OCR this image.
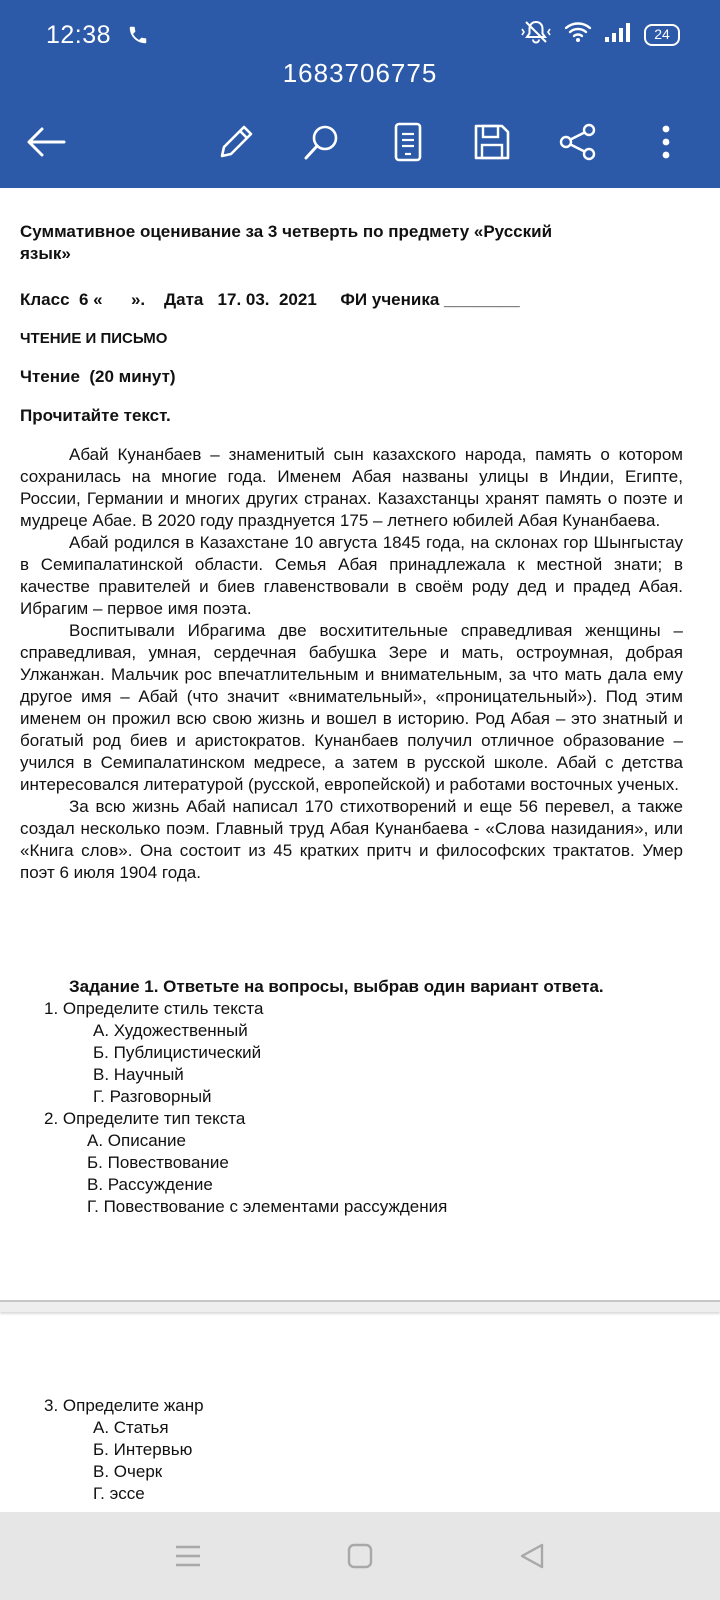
12:38	24
1683706775
Суммативное оценивание за 3 четверть по предмету «Русский
язык»
Класс  6 «      ».    Дата   17. 03.  2021     ФИ ученика ________
ЧТЕНИЕ И ПИСЬМО
Чтение  (20 минут)
Прочитайте текст.

Абай Кунанбаев – знаменитый сын казахского народа, память о котором сохранилась на многие года. Именем Абая названы улицы в Индии, Египте, России, Германии и многих других странах. Казахстанцы хранят память о поэте и мудреце Абае. В 2020 году празднуется 175 – летнего юбилей Абая Кунанбаева.

Абай родился в Казахстане 10 августа 1845 года, на склонах гор Шынгыстау в Семипалатинской области. Семья Абая принадлежала к местной знати; в качестве правителей и биев главенствовали в своём роду дед и прадед Абая. Ибрагим – первое имя поэта.

Воспитывали Ибрагима две восхитительные справедливая женщины – справедливая, умная, сердечная бабушка Зере и мать, остроумная, добрая Улжанжан. Мальчик рос впечатлительным и внимательным, за что мать дала ему другое имя – Абай (что значит «внимательный», «проницательный»). Под этим именем он прожил всю свою жизнь и вошел в историю. Род Абая – это знатный и богатый род биев и аристократов. Кунанбаев получил отличное образование – учился в Семипалатинском медресе, а затем в русской школе. Абай с детства интересовался литературой (русской, европейской) и работами восточных ученых.

За всю жизнь Абай написал 170 стихотворений и еще 56 перевел, а также создал несколько поэм. Главный труд Абая Кунанбаева - «Слова назидания», или «Книга слов». Она состоит из 45 кратких притч и философских трактатов. Умер поэт 6 июля 1904 года.

Задание 1. Ответьте на вопросы, выбрав один вариант ответа.
1. Определите стиль текста
А. Художественный
Б. Публицистический
В. Научный
Г. Разговорный
2. Определите тип текста
А. Описание
Б. Повествование
В. Рассуждение
Г. Повествование с элементами рассуждения
3. Определите жанр
А. Статья
Б. Интервью
В. Очерк
Г. эссе
